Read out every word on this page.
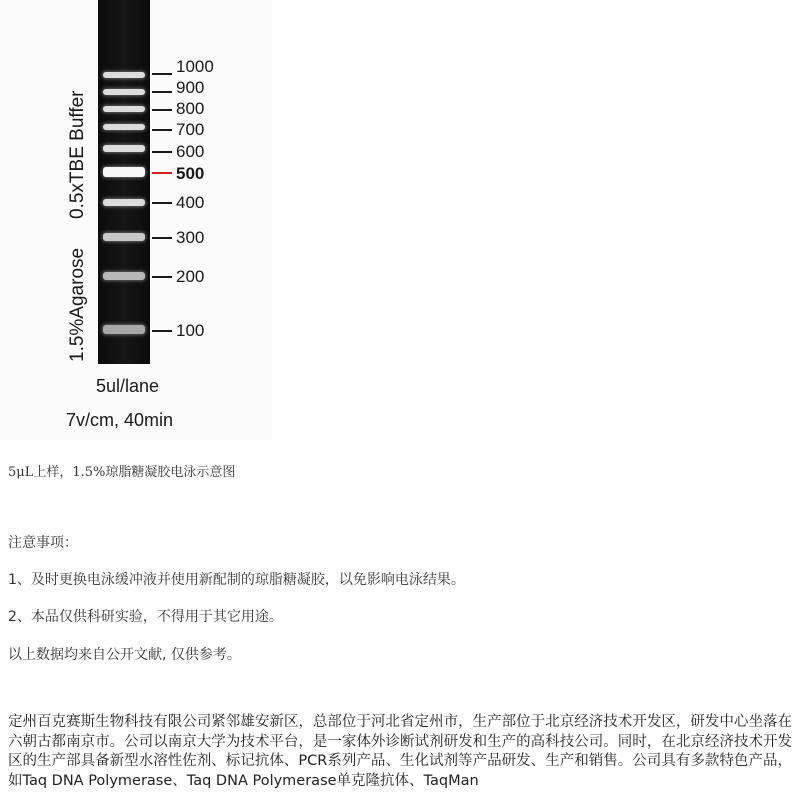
0.5xTBE Buffer
1.5%Agarose
1000
900
800
700
600
500
400
300
200
100
5ul/lane
7v/cm, 40min
5μL上样，1.5%琼脂糖凝胶电泳示意图
注意事项：
1、及时更换电泳缓冲液并使用新配制的琼脂糖凝胶，以免影响电泳结果。
2、本品仅供科研实验，不得用于其它用途。
以上数据均来自公开文献, 仅供参考。
定州百克赛斯生物科技有限公司紧邻雄安新区，总部位于河北省定州市，生产部位于北京经济技术开发区，研发中心坐落在六朝古都南京市。公司以南京大学为技术平台，是一家体外诊断试剂研发和生产的高科技公司。同时，在北京经济技术开发区的生产部具备新型水溶性佐剂、标记抗体、PCR系列产品、生化试剂等产品研发、生产和销售。公司具有多款特色产品，如Taq DNA Polymerase、Taq DNA Polymerase单克隆抗体、TaqMan
